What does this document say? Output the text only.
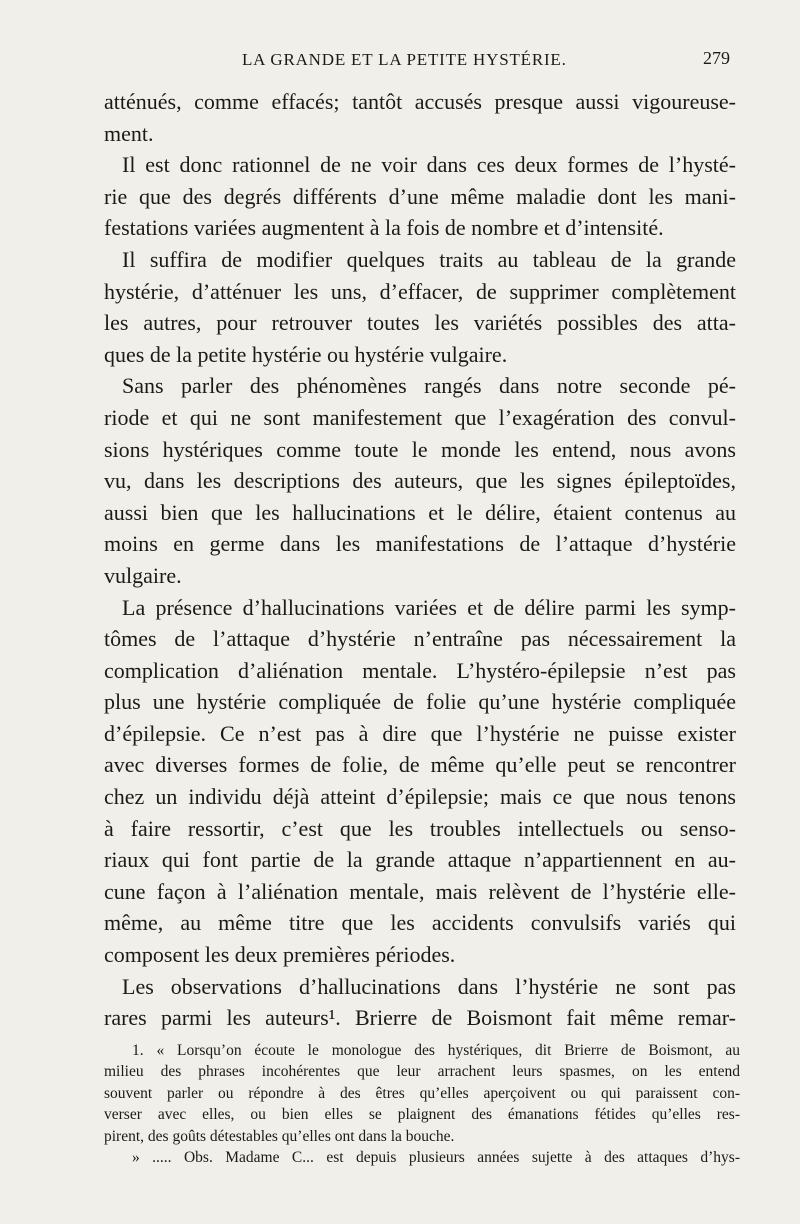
LA GRANDE ET LA PETITE HYSTÉRIE.	279
atténués, comme effacés; tantôt accusés presque aussi vigoureuse-
ment.
Il est donc rationnel de ne voir dans ces deux formes de l’hysté-
rie que des degrés différents d’une même maladie dont les mani-
festations variées augmentent à la fois de nombre et d’intensité.
Il suffira de modifier quelques traits au tableau de la grande
hystérie, d’atténuer les uns, d’effacer, de supprimer complètement
les autres, pour retrouver toutes les variétés possibles des atta-
ques de la petite hystérie ou hystérie vulgaire.
Sans parler des phénomènes rangés dans notre seconde pé-
riode et qui ne sont manifestement que l’exagération des convul-
sions hystériques comme toute le monde les entend, nous avons
vu, dans les descriptions des auteurs, que les signes épileptoïdes,
aussi bien que les hallucinations et le délire, étaient contenus au
moins en germe dans les manifestations de l’attaque d’hystérie
vulgaire.
La présence d’hallucinations variées et de délire parmi les symp-
tômes de l’attaque d’hystérie n’entraîne pas nécessairement la
complication d’aliénation mentale. L’hystéro-épilepsie n’est pas
plus une hystérie compliquée de folie qu’une hystérie compliquée
d’épilepsie. Ce n’est pas à dire que l’hystérie ne puisse exister
avec diverses formes de folie, de même qu’elle peut se rencontrer
chez un individu déjà atteint d’épilepsie; mais ce que nous tenons
à faire ressortir, c’est que les troubles intellectuels ou senso-
riaux qui font partie de la grande attaque n’appartiennent en au-
cune façon à l’aliénation mentale, mais relèvent de l’hystérie elle-
même, au même titre que les accidents convulsifs variés qui
composent les deux premières périodes.
Les observations d’hallucinations dans l’hystérie ne sont pas
rares parmi les auteurs¹. Brierre de Boismont fait même remar-
1. « Lorsqu’on écoute le monologue des hystériques, dit Brierre de Boismont, au
milieu des phrases incohérentes que leur arrachent leurs spasmes, on les entend
souvent parler ou répondre à des êtres qu’elles aperçoivent ou qui paraissent con-
verser avec elles, ou bien elles se plaignent des émanations fétides qu’elles res-
pirent, des goûts détestables qu’elles ont dans la bouche.
» ..... Obs. Madame C... est depuis plusieurs années sujette à des attaques d’hys-
